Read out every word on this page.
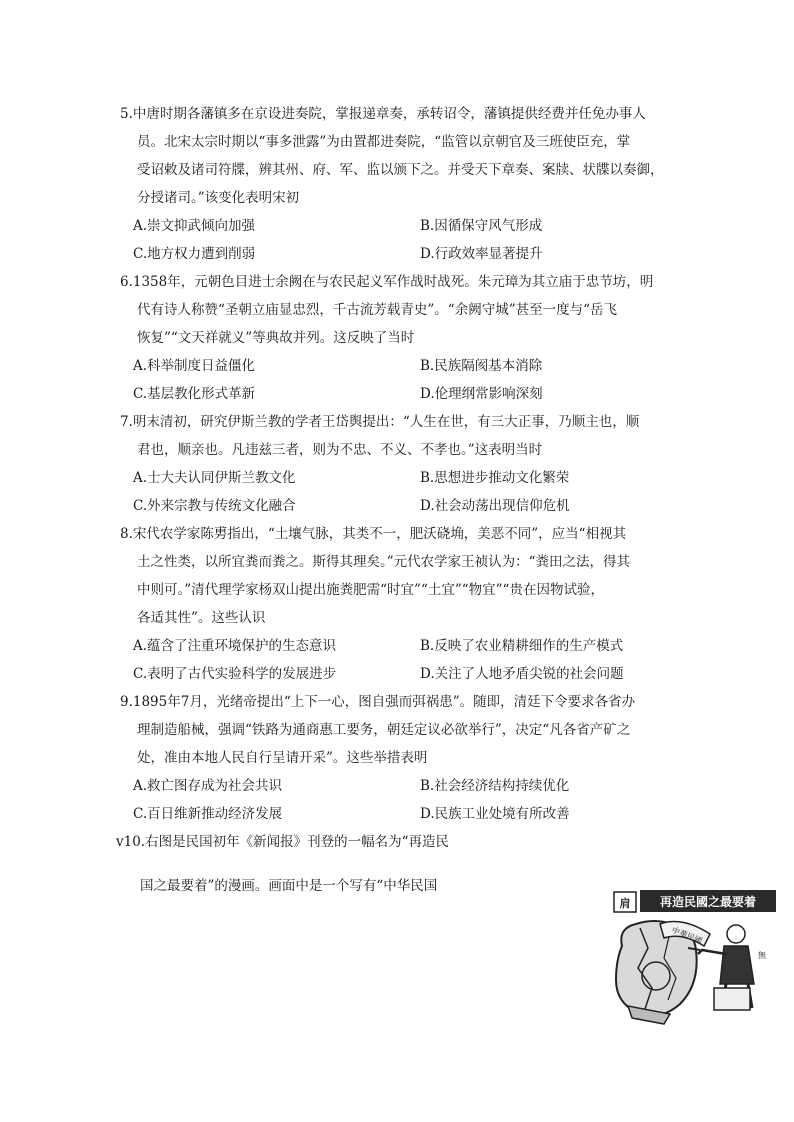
5.中唐时期各藩镇多在京设进奏院，掌报递章奏，承转诏令，藩镇提供经费并任免办事人
员。北宋太宗时期以“事多泄露”为由置都进奏院，“监管以京朝官及三班使臣充，掌
受诏敕及诸司符牒，辨其州、府、军、监以颁下之。并受天下章奏、案牍、状牒以奏御，
分授诸司。”该变化表明宋初
A.崇文抑武倾向加强	B.因循保守风气形成
C.地方权力遭到削弱	D.行政效率显著提升
6.1358年，元朝色目进士余阙在与农民起义军作战时战死。朱元璋为其立庙于忠节坊，明
代有诗人称赞“圣朝立庙显忠烈，千古流芳载青史”。“余阙守城”甚至一度与“岳飞
恢复”“文天祥就义”等典故并列。这反映了当时
A.科举制度日益僵化	B.民族隔阂基本消除
C.基层教化形式革新	D.伦理纲常影响深刻
7.明末清初，研究伊斯兰教的学者王岱舆提出：“人生在世，有三大正事，乃顺主也，顺
君也，顺亲也。凡违兹三者，则为不忠、不义、不孝也。”这表明当时
A.士大夫认同伊斯兰教文化	B.思想进步推动文化繁荣
C.外来宗教与传统文化融合	D.社会动荡出现信仰危机
8.宋代农学家陈旉指出，“土壤气脉，其类不一，肥沃硗埆，美恶不同”，应当“相视其
土之性类，以所宜粪而粪之。斯得其理矣。”元代农学家王祯认为：“粪田之法，得其
中则可。”清代理学家杨双山提出施粪肥需“时宜”“土宜”“物宜”“贵在因物试验，
各适其性”。这些认识
A.蕴含了注重环境保护的生态意识	B.反映了农业精耕细作的生产模式
C.表明了古代实验科学的发展进步	D.关注了人地矛盾尖锐的社会问题
9.1895年7月，光绪帝提出“上下一心，图自强而弭祸患”。随即，清廷下令要求各省办
理制造船械，强调“铁路为通商惠工要务，朝廷定议必欲举行”，决定“凡各省产矿之
处，准由本地人民自行呈请开采”。这些举措表明
A.救亡图存成为社会共识	B.社会经济结构持续优化
C.百日维新推动经济发展	D.民族工业处境有所改善
v10.右图是民国初年《新闻报》刊登的一幅名为“再造民
国之最要着”的漫画。画面中是一个写有“中华民国
再造民國之最要着
肩
中華民國
無
